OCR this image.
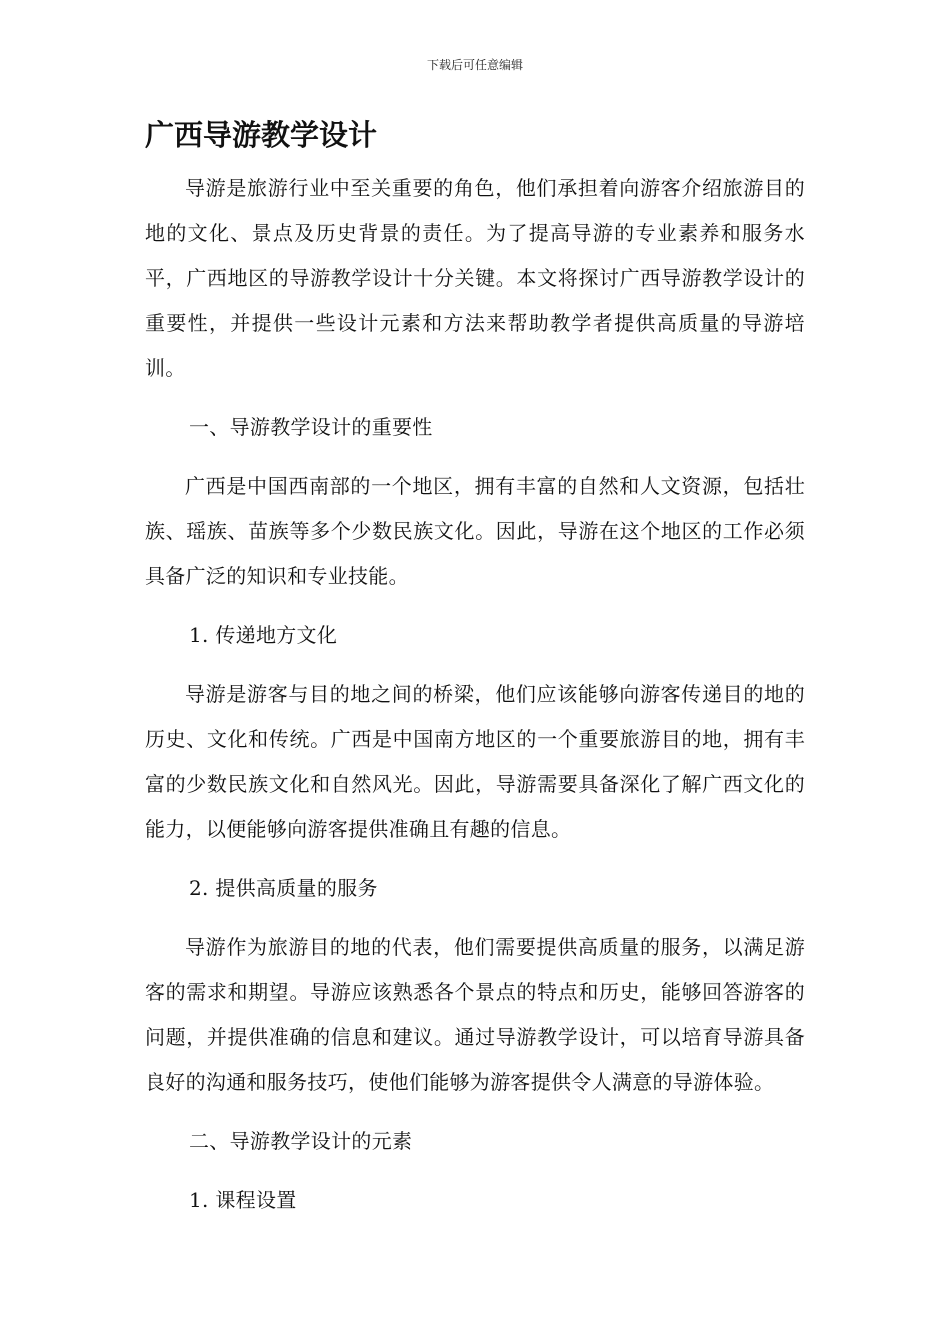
下载后可任意编辑
广西导游教学设计

导游是旅游行业中至关重要的角色，他们承担着向游客介绍旅游目的地的文化、景点及历史背景的责任。为了提高导游的专业素养和服务水平，广西地区的导游教学设计十分关键。本文将探讨广西导游教学设计的重要性，并提供一些设计元素和方法来帮助教学者提供高质量的导游培训。

一、导游教学设计的重要性

广西是中国西南部的一个地区，拥有丰富的自然和人文资源，包括壮族、瑶族、苗族等多个少数民族文化。因此，导游在这个地区的工作必须具备广泛的知识和专业技能。

1. 传递地方文化

导游是游客与目的地之间的桥梁，他们应该能够向游客传递目的地的历史、文化和传统。广西是中国南方地区的一个重要旅游目的地，拥有丰富的少数民族文化和自然风光。因此，导游需要具备深化了解广西文化的能力，以便能够向游客提供准确且有趣的信息。

2. 提供高质量的服务

导游作为旅游目的地的代表，他们需要提供高质量的服务，以满足游客的需求和期望。导游应该熟悉各个景点的特点和历史，能够回答游客的问题，并提供准确的信息和建议。通过导游教学设计，可以培育导游具备良好的沟通和服务技巧，使他们能够为游客提供令人满意的导游体验。

二、导游教学设计的元素

1. 课程设置
